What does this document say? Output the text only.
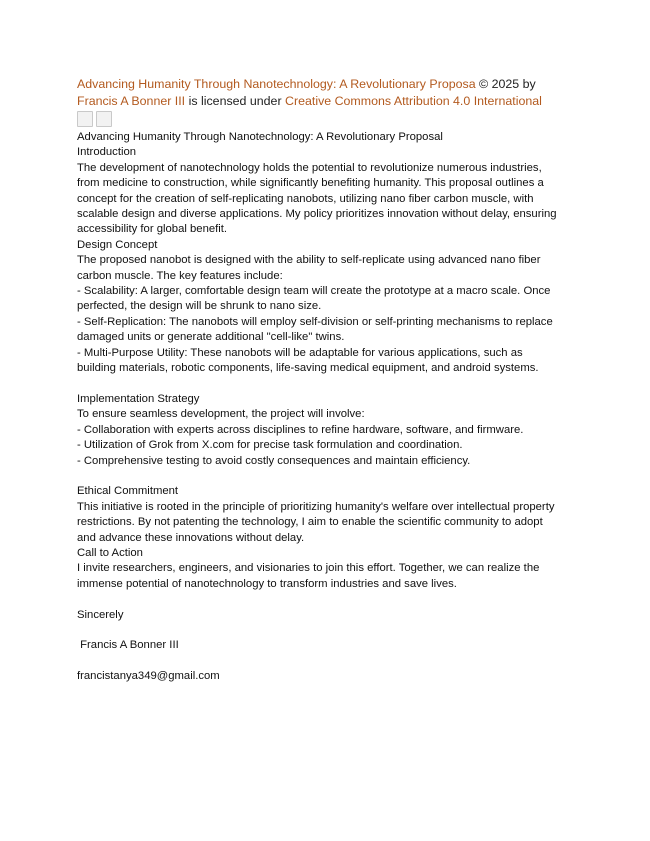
Advancing Humanity Through Nanotechnology: A Revolutionary Proposa © 2025 by
Francis A Bonner III is licensed under Creative Commons Attribution 4.0 International
Advancing Humanity Through Nanotechnology: A Revolutionary Proposal
Introduction
The development of nanotechnology holds the potential to revolutionize numerous industries,
from medicine to construction, while significantly benefiting humanity. This proposal outlines a
concept for the creation of self-replicating nanobots, utilizing nano fiber carbon muscle, with
scalable design and diverse applications. My policy prioritizes innovation without delay, ensuring
accessibility for global benefit.
Design Concept
The proposed nanobot is designed with the ability to self-replicate using advanced nano fiber
carbon muscle. The key features include:
- Scalability: A larger, comfortable design team will create the prototype at a macro scale. Once
perfected, the design will be shrunk to nano size.
- Self-Replication: The nanobots will employ self-division or self-printing mechanisms to replace
damaged units or generate additional "cell-like" twins.
- Multi-Purpose Utility: These nanobots will be adaptable for various applications, such as
building materials, robotic components, life-saving medical equipment, and android systems.
Implementation Strategy
To ensure seamless development, the project will involve:
- Collaboration with experts across disciplines to refine hardware, software, and firmware.
- Utilization of Grok from X.com for precise task formulation and coordination.
- Comprehensive testing to avoid costly consequences and maintain efficiency.
Ethical Commitment
This initiative is rooted in the principle of prioritizing humanity's welfare over intellectual property
restrictions. By not patenting the technology, I aim to enable the scientific community to adopt
and advance these innovations without delay.
Call to Action
I invite researchers, engineers, and visionaries to join this effort. Together, we can realize the
immense potential of nanotechnology to transform industries and save lives.
Sincerely
Francis A Bonner III
francistanya349@gmail.com
